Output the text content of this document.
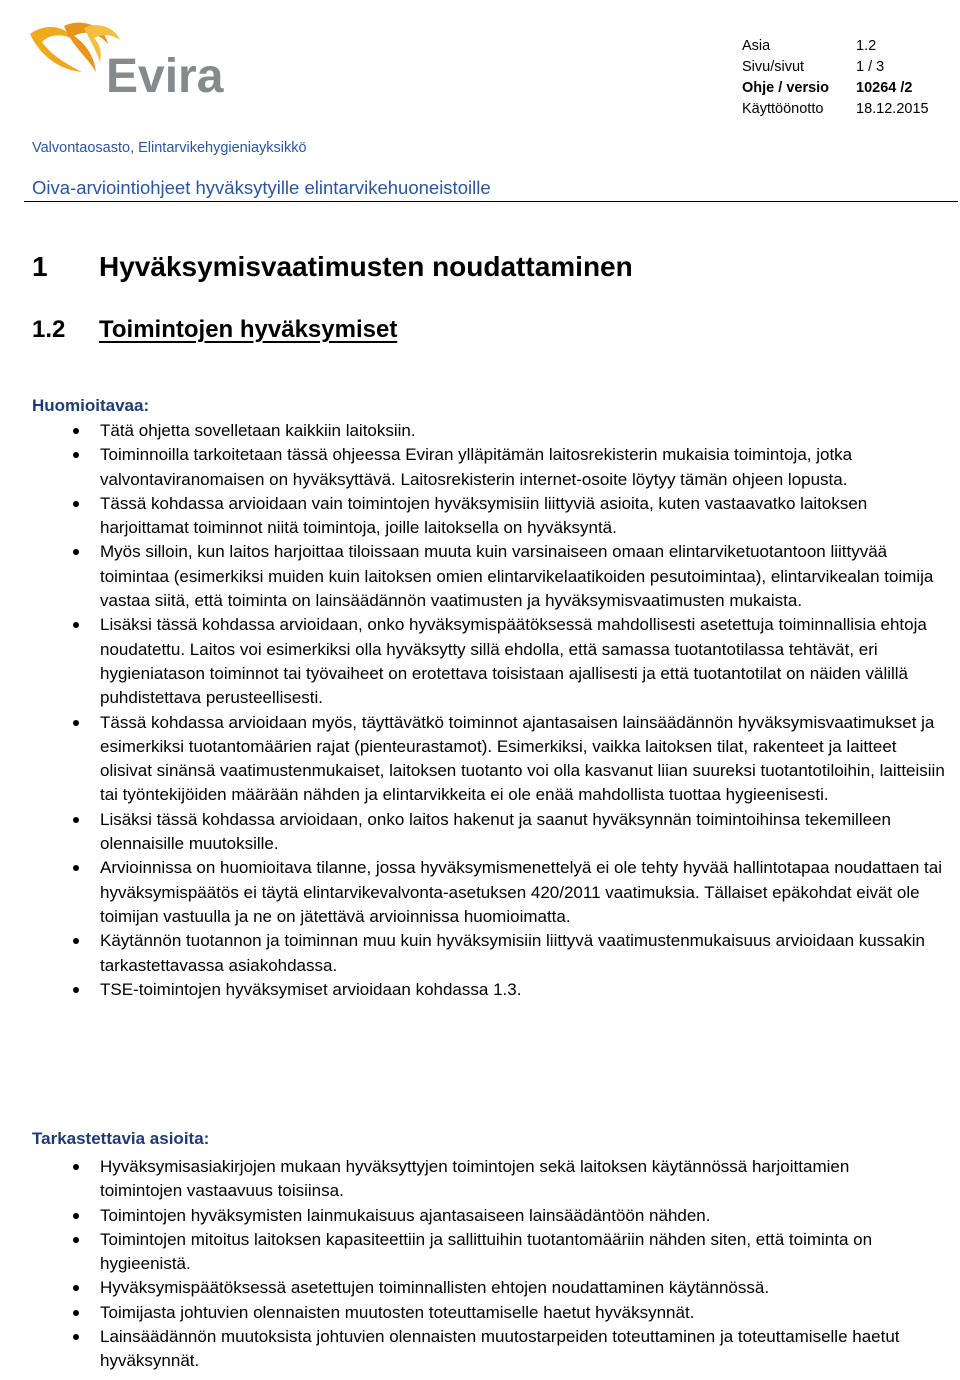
Evira
Asia	1.2
Sivu/sivut	1 / 3
Ohje / versio	10264 /2
Käyttöönotto	18.12.2015
Valvontaosasto, Elintarvikehygieniayksikkö
Oiva-arviointiohjeet hyväksytyille elintarvikehuoneistoille
1 Hyväksymisvaatimusten noudattaminen
1.2 Toimintojen hyväksymiset
Huomioitavaa:
Tätä ohjetta sovelletaan kaikkiin laitoksiin.
Toiminnoilla tarkoitetaan tässä ohjeessa Eviran ylläpitämän laitosrekisterin mukaisia toimintoja, jotka valvontaviranomaisen on hyväksyttävä. Laitosrekisterin internet-osoite löytyy tämän ohjeen lopusta.
Tässä kohdassa arvioidaan vain toimintojen hyväksymisiin liittyviä asioita, kuten vastaavatko laitoksen harjoittamat toiminnot niitä toimintoja, joille laitoksella on hyväksyntä.
Myös silloin, kun laitos harjoittaa tiloissaan muuta kuin varsinaiseen omaan elintarviketuotantoon liittyvää toimintaa (esimerkiksi muiden kuin laitoksen omien elintarvikelaatikoiden pesutoimintaa), elintarvikealan toimija vastaa siitä, että toiminta on lainsäädännön vaatimusten ja hyväksymisvaatimusten mukaista.
Lisäksi tässä kohdassa arvioidaan, onko hyväksymispäätöksessä mahdollisesti asetettuja toiminnallisia ehtoja noudatettu. Laitos voi esimerkiksi olla hyväksytty sillä ehdolla, että samassa tuotantotilassa tehtävät, eri hygieniatason toiminnot tai työvaiheet on erotettava toisistaan ajallisesti ja että tuotantotilat on näiden välillä puhdistettava perusteellisesti.
Tässä kohdassa arvioidaan myös, täyttävätkö toiminnot ajantasaisen lainsäädännön hyväksymisvaatimukset ja esimerkiksi tuotantomäärien rajat (pienteurastamot). Esimerkiksi, vaikka laitoksen tilat, rakenteet ja laitteet olisivat sinänsä vaatimustenmukaiset, laitoksen tuotanto voi olla kasvanut liian suureksi tuotantotiloihin, laitteisiin tai työntekijöiden määrään nähden ja elintarvikkeita ei ole enää mahdollista tuottaa hygieenisesti.
Lisäksi tässä kohdassa arvioidaan, onko laitos hakenut ja saanut hyväksynnän toimintoihinsa tekemilleen olennaisille muutoksille.
Arvioinnissa on huomioitava tilanne, jossa hyväksymismenettelyä ei ole tehty hyvää hallintotapaa noudattaen tai hyväksymispäätös ei täytä elintarvikevalvonta-asetuksen 420/2011 vaatimuksia. Tällaiset epäkohdat eivät ole toimijan vastuulla ja ne on jätettävä arvioinnissa huomioimatta.
Käytännön tuotannon ja toiminnan muu kuin hyväksymisiin liittyvä vaatimustenmukaisuus arvioidaan kussakin tarkastettavassa asiakohdassa.
TSE-toimintojen hyväksymiset arvioidaan kohdassa 1.3.
Tarkastettavia asioita:
Hyväksymisasiakirjojen mukaan hyväksyttyjen toimintojen sekä laitoksen käytännössä harjoittamien toimintojen vastaavuus toisiinsa.
Toimintojen hyväksymisten lainmukaisuus ajantasaiseen lainsäädäntöön nähden.
Toimintojen mitoitus laitoksen kapasiteettiin ja sallittuihin tuotantomääriin nähden siten, että toiminta on hygieenistä.
Hyväksymispäätöksessä asetettujen toiminnallisten ehtojen noudattaminen käytännössä.
Toimijasta johtuvien olennaisten muutosten toteuttamiselle haetut hyväksynnät.
Lainsäädännön muutoksista johtuvien olennaisten muutostarpeiden toteuttaminen ja toteuttamiselle haetut hyväksynnät.
